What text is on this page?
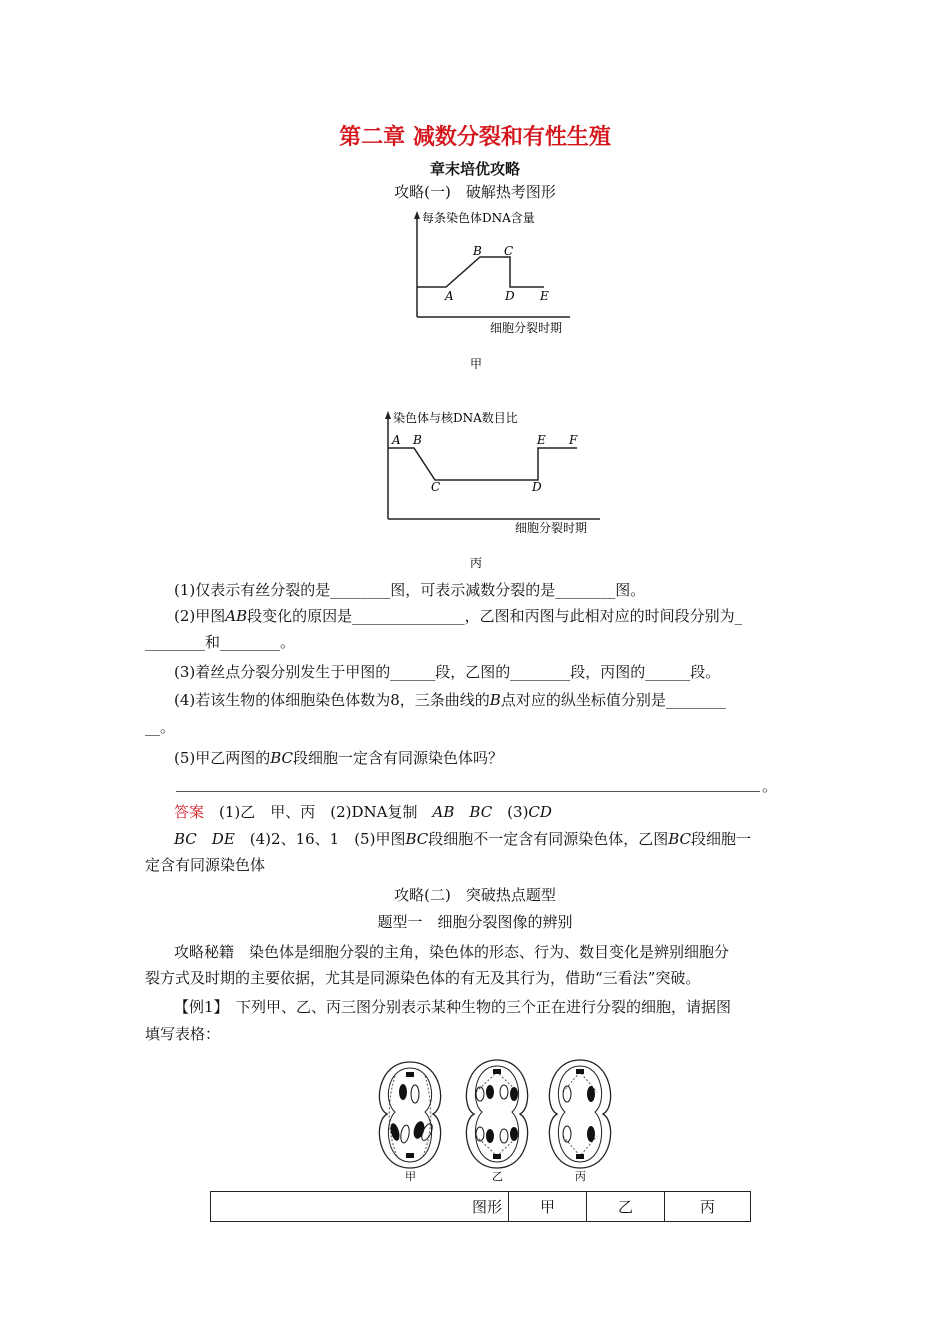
第二章 减数分裂和有性生殖
章末培优攻略
攻略(一)　破解热考图形
每条染色体DNA含量
A
B C
D E
细胞分裂时期
甲
染色体与核DNA数目比
A B
C	D
E F
细胞分裂时期
丙
(1)仅表示有丝分裂的是________图，可表示减数分裂的是________图。
(2)甲图AB段变化的原因是_______________，乙图和丙图与此相对应的时间段分别为_
________和________。
(3)着丝点分裂分别发生于甲图的______段，乙图的________段，丙图的______段。
(4)若该生物的体细胞染色体数为8，三条曲线的B点对应的纵坐标值分别是________
__。
(5)甲乙两图的BC段细胞一定含有同源染色体吗？
。
答案　 (1)乙　甲、丙　(2)DNA复制　AB　 BC　(3)CD
BC　 DE　(4)2、16、1　(5)甲图BC段细胞不一定含有同源染色体，乙图BC段细胞一
定含有同源染色体
攻略(二)　突破热点题型
题型一　细胞分裂图像的辨别
攻略秘籍　染色体是细胞分裂的主角，染色体的形态、行为、数目变化是辨别细胞分
裂方式及时期的主要依据，尤其是同源染色体的有无及其行为，借助“三看法”突破。
【例1】　下列甲、乙、丙三图分别表示某种生物的三个正在进行分裂的细胞，请据图
填写表格：
甲	乙	丙
图形	甲	乙	丙
